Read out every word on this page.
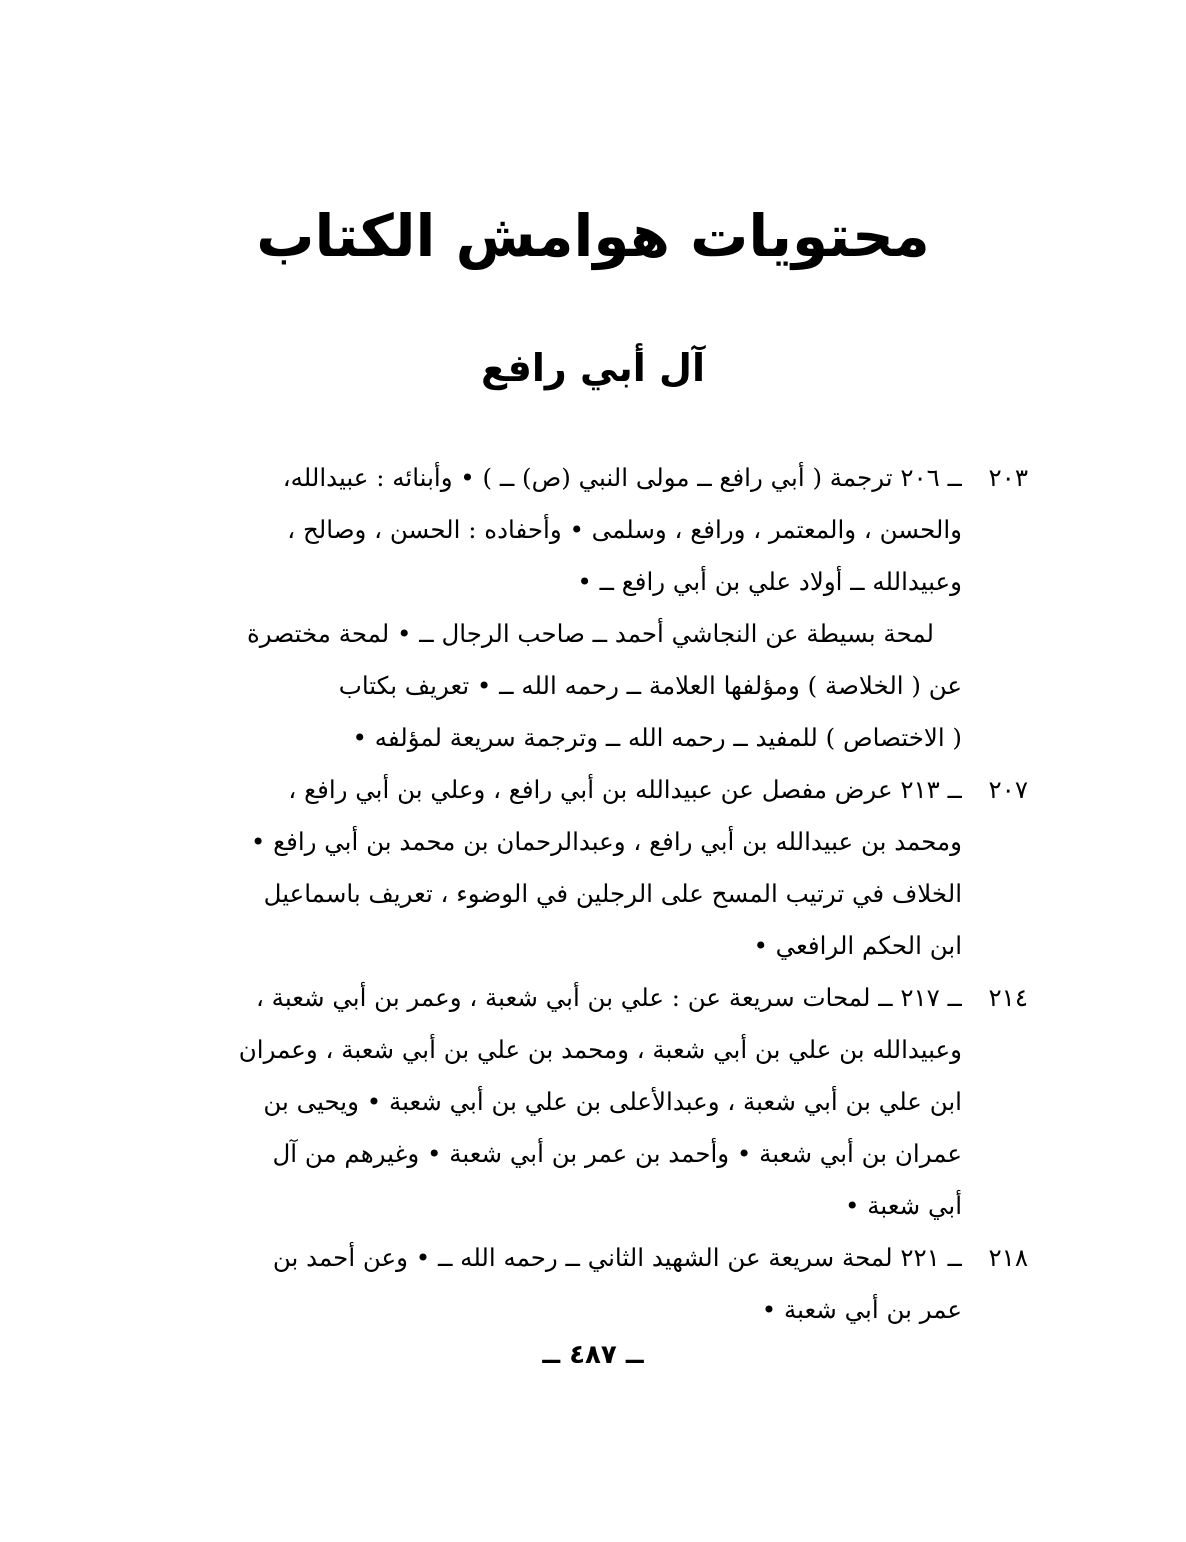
محتويات هوامش الكتاب
آل أبي رافع
٢٠٣
ــ ٢٠٦ ترجمة ( أبي رافع ــ مولى النبي (ص) ــ ) • وأبنائه : عبيدالله،
والحسن ، والمعتمر ، ورافع ، وسلمى • وأحفاده : الحسن ، وصالح ،
وعبيدالله ــ أولاد علي بن أبي رافع ــ •
لمحة بسيطة عن النجاشي أحمد ــ صاحب الرجال ــ • لمحة مختصرة
عن ( الخلاصة ) ومؤلفها العلامة ــ رحمه الله ــ • تعريف بكتاب
( الاختصاص ) للمفيد ــ رحمه الله ــ وترجمة سريعة لمؤلفه •
٢٠٧
ــ ٢١٣ عرض مفصل عن عبيدالله بن أبي رافع ، وعلي بن أبي رافع ،
ومحمد بن عبيدالله بن أبي رافع ، وعبدالرحمان بن محمد بن أبي رافع •
الخلاف في ترتيب المسح على الرجلين في الوضوء ، تعريف باسماعيل
ابن الحكم الرافعي •
٢١٤
ــ ٢١٧ ــ لمحات سريعة عن : علي بن أبي شعبة ، وعمر بن أبي شعبة ،
وعبيدالله بن علي بن أبي شعبة ، ومحمد بن علي بن أبي شعبة ، وعمران
ابن علي بن أبي شعبة ، وعبدالأعلى بن علي بن أبي شعبة • ويحيى بن
عمران بن أبي شعبة • وأحمد بن عمر بن أبي شعبة • وغيرهم من آل
أبي شعبة •
٢١٨
ــ ٢٢١ لمحة سريعة عن الشهيد الثاني ــ رحمه الله ــ • وعن أحمد بن
عمر بن أبي شعبة •
ــ ٤٨٧ ــ
